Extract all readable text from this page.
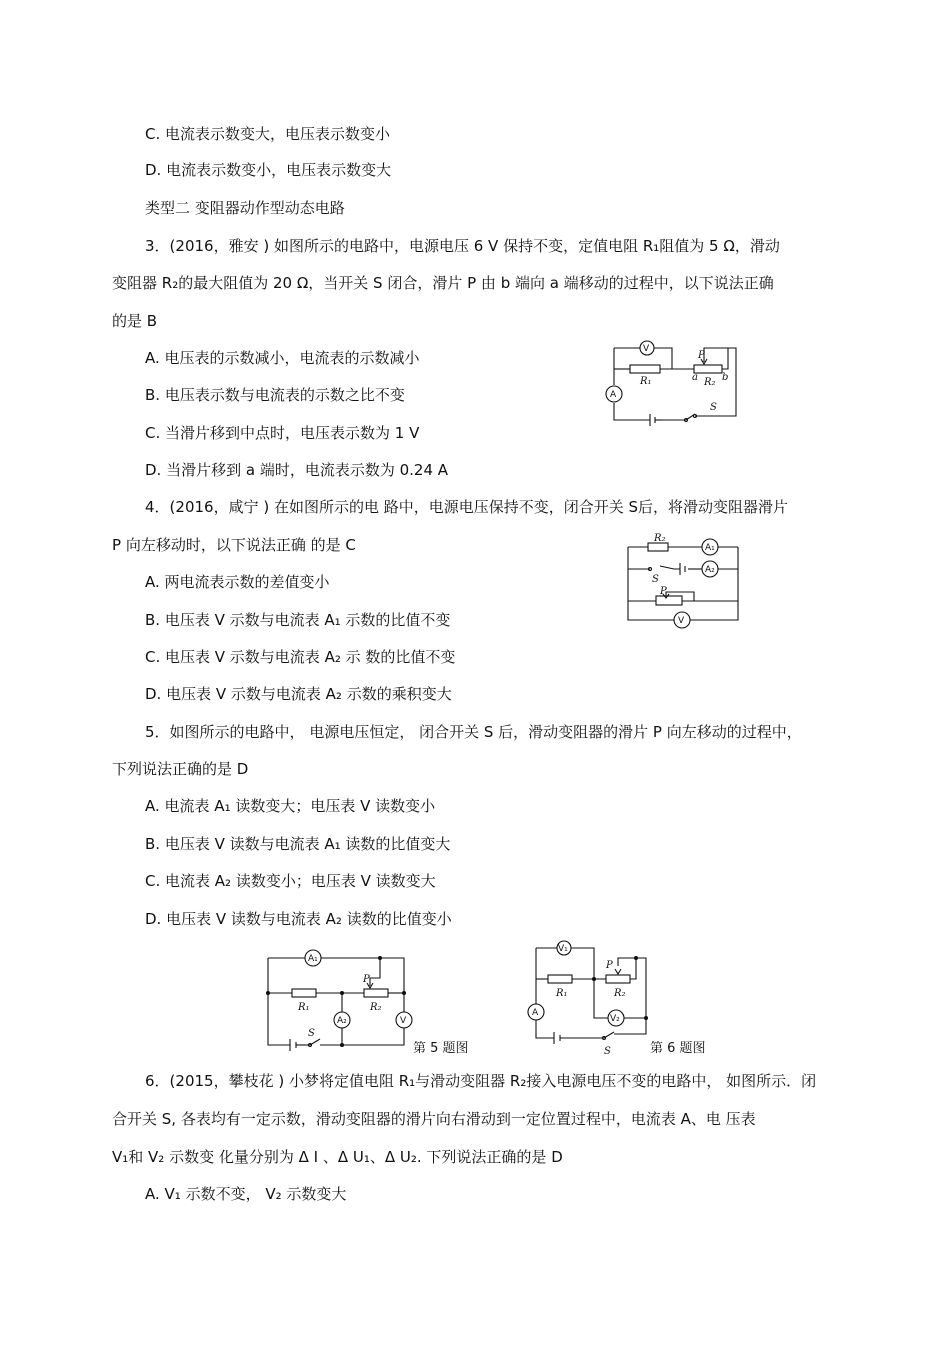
C. 电流表示数变大，电压表示数变小
D. 电流表示数变小，电压表示数变大
类型二 变阻器动作型动态电路
3．(2016，雅安 ) 如图所示的电路中，电源电压 6 V 保持不变，定值电阻 R₁阻值为 5 Ω，滑动
变阻器 R₂的最大阻值为 20 Ω，当开关 S 闭合，滑片 P 由 b 端向 a 端移动的过程中，以下说法正确
的是 B
A. 电压表的示数减小，电流表的示数减小
B. 电压表示数与电流表的示数之比不变
C. 当滑片移到中点时，电压表示数为 1 V
D. 当滑片移到 a 端时，电流表示数为 0.24 A
4．(2016，咸宁 ) 在如图所示的电 路中，电源电压保持不变，闭合开关 S后，将滑动变阻器滑片
P 向左移动时，以下说法正确 的是 C
A. 两电流表示数的差值变小
B. 电压表 V 示数与电流表 A₁ 示数的比值不变
C. 电压表 V 示数与电流表 A₂ 示 数的比值不变
D. 电压表 V 示数与电流表 A₂ 示数的乘积变大
5．如图所示的电路中， 电源电压恒定， 闭合开关 S 后，滑动变阻器的滑片 P 向左移动的过程中，
下列说法正确的是 D
A. 电流表 A₁ 读数变大；电压表 V 读数变小
B. 电压表 V 读数与电流表 A₁ 读数的比值变大
C. 电流表 A₂ 读数变小；电压表 V 读数变大
D. 电压表 V 读数与电流表 A₂ 读数的比值变小
6．(2015，攀枝花 ) 小梦将定值电阻 R₁与滑动变阻器 R₂接入电源电压不变的电路中， 如图所示．闭
合开关 S, 各表均有一定示数，滑动变阻器的滑片向右滑动到一定位置过程中，电流表 A、电 压表
V₁和 V₂ 示数变 化量分别为 Δ I 、Δ U₁、Δ U₂. 下列说法正确的是 D
A. V₁ 示数不变， V₂ 示数变大
V
A
R₁	R₂
P
a b
S
R₂
A₁
A₂
S
P
V
A₁
A₂	V
R₁	R₂
P
S
第 5 题图
V₁
A
V₂
R₁	R₂
P
S	第 6 题图
